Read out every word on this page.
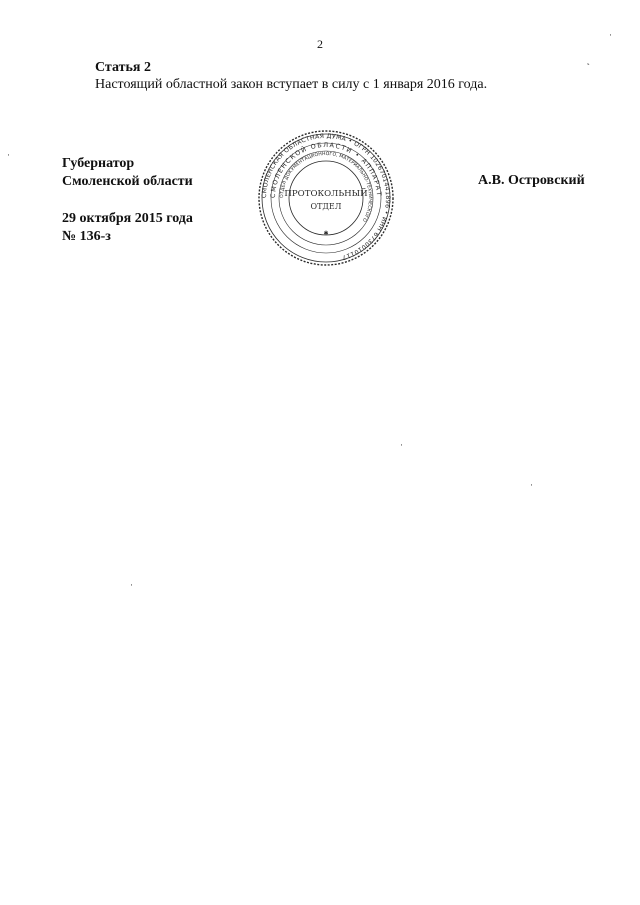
2
Статья 2
Настоящий областной закон вступает в силу с 1 января 2016 года.
Губернатор
Смоленской области
29 октября 2015 года
№ 136-з
А.В. Островский
СМОЛЕНСКАЯ ОБЛАСТНАЯ ДУМА • ОГРН 1026701441896 • ИНН 6730010117
СМОЛЕНСКОЙ ОБЛАСТИ • АППАРАТ
ОТДЕЛ ДОКУМЕНТАЦИОННОГО, МАТЕРИАЛЬНО-ТЕХНИЧЕСКОГО
ПРОТОКОЛЬНЫЙ
ОТДЕЛ
✱
·
˛
·
·
·
·
